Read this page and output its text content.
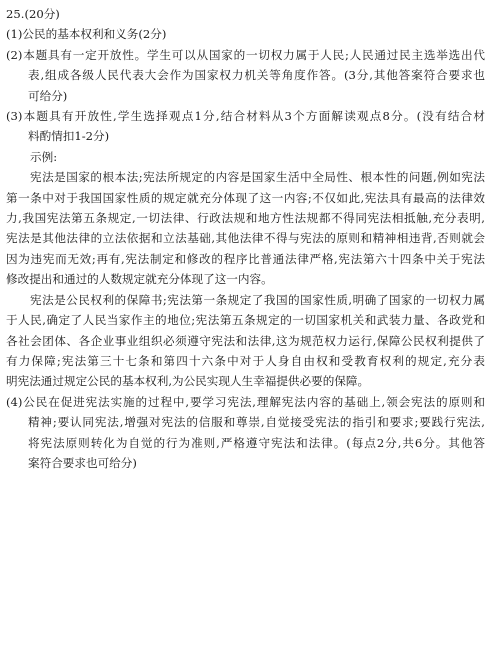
25.(20分)
(1)公民的基本权利和义务(2分)
(2)本题具有一定开放性。学生可以从国家的一切权力属于人民;人民通过民主选举选出代
表,组成各级人民代表大会作为国家权力机关等角度作答。(3分,其他答案符合要求也
可给分)
(3)本题具有开放性,学生选择观点1分,结合材料从3个方面解读观点8分。(没有结合材
料酌情扣1-2分)
示例:
宪法是国家的根本法;宪法所规定的内容是国家生活中全局性、根本性的问题,例如宪法
第一条中对于我国国家性质的规定就充分体现了这一内容;不仅如此,宪法具有最高的法律效
力,我国宪法第五条规定,一切法律、行政法规和地方性法规都不得同宪法相抵触,充分表明,
宪法是其他法律的立法依据和立法基础,其他法律不得与宪法的原则和精神相违背,否则就会
因为违宪而无效;再有,宪法制定和修改的程序比普通法律严格,宪法第六十四条中关于宪法
修改提出和通过的人数规定就充分体现了这一内容。
宪法是公民权利的保障书;宪法第一条规定了我国的国家性质,明确了国家的一切权力属
于人民,确定了人民当家作主的地位;宪法第五条规定的一切国家机关和武装力量、各政党和
各社会团体、各企业事业组织必须遵守宪法和法律,这为规范权力运行,保障公民权利提供了
有力保障;宪法第三十七条和第四十六条中对于人身自由权和受教育权利的规定,充分表
明宪法通过规定公民的基本权利,为公民实现人生幸福提供必要的保障。
(4)公民在促进宪法实施的过程中,要学习宪法,理解宪法内容的基础上,领会宪法的原则和
精神;要认同宪法,增强对宪法的信服和尊崇,自觉接受宪法的指引和要求;要践行宪法,
将宪法原则转化为自觉的行为准则,严格遵守宪法和法律。(每点2分,共6分。其他答
案符合要求也可给分)
